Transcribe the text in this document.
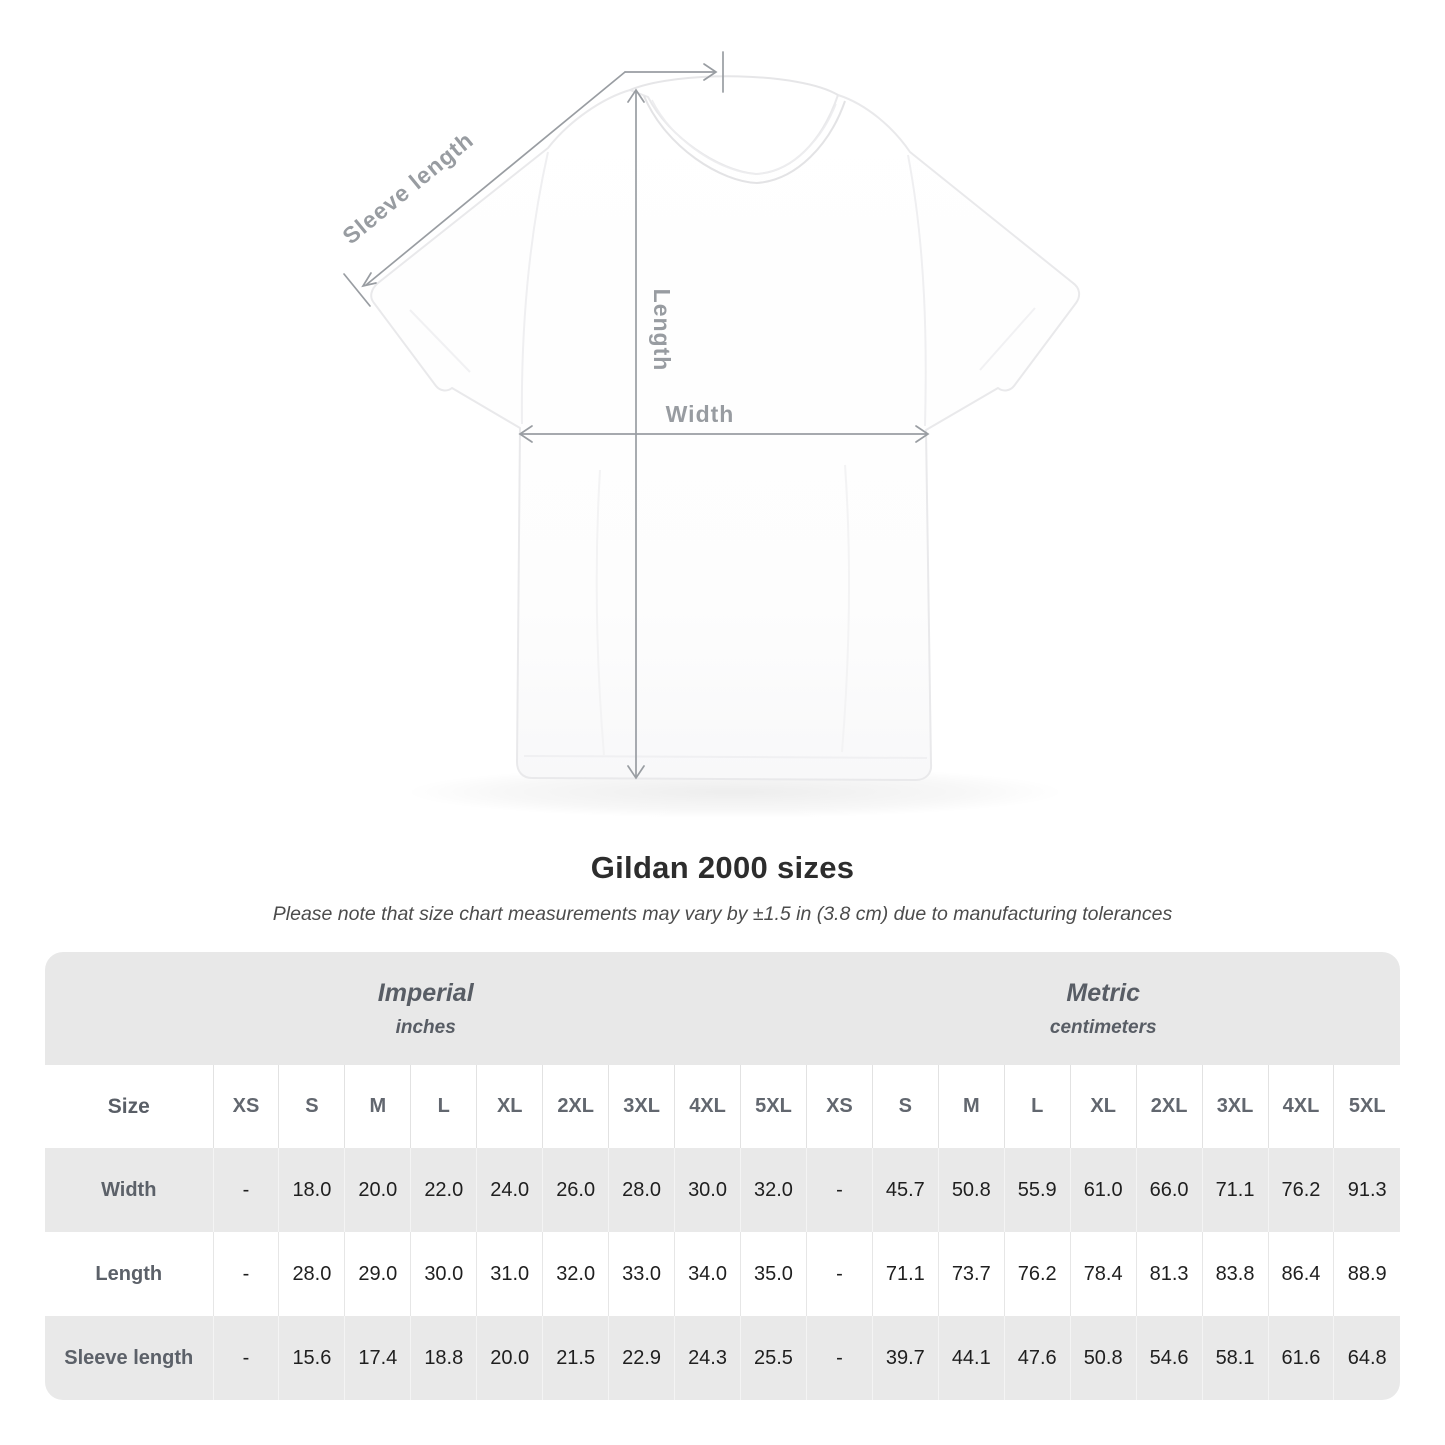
Sleeve length
Length
Width
Gildan 2000 sizes
Please note that size chart measurements may vary by ±1.5 in (3.8 cm) due to manufacturing tolerances
Imperial
inches

Metric
centimeters

Size	XS	S	M	L	XL	2XL	3XL	4XL	5XL	XS	S	M	L	XL	2XL	3XL	4XL	5XL
Width	-	18.0	20.0	22.0	24.0	26.0	28.0	30.0	32.0	-	45.7	50.8	55.9	61.0	66.0	71.1	76.2	91.3
Length	-	28.0	29.0	30.0	31.0	32.0	33.0	34.0	35.0	-	71.1	73.7	76.2	78.4	81.3	83.8	86.4	88.9
Sleeve length	-	15.6	17.4	18.8	20.0	21.5	22.9	24.3	25.5	-	39.7	44.1	47.6	50.8	54.6	58.1	61.6	64.8
